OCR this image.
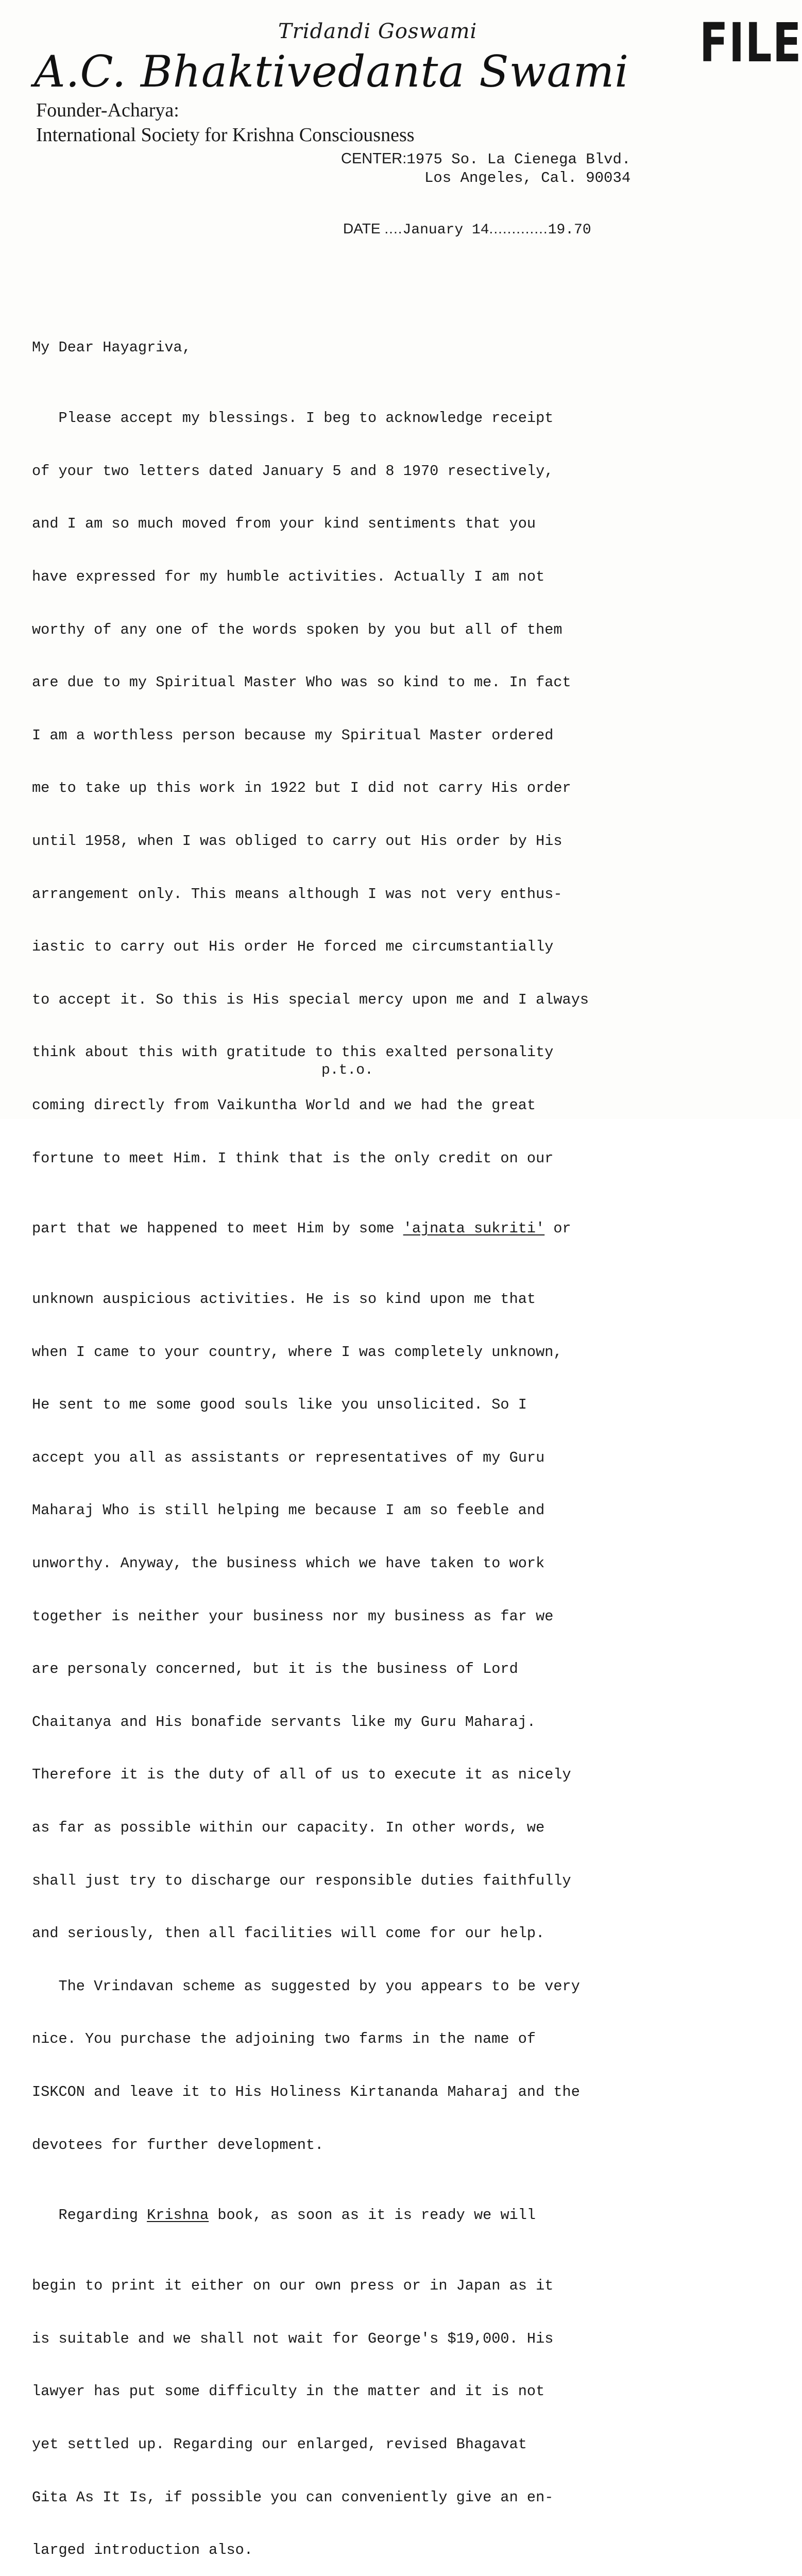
Tridandi Goswami
A.C. Bhaktivedanta Swami FILE
Founder-Acharya:
International Society for Krishna Consciousness
CENTER:1975 So. La Cienega Blvd.
Los Angeles, Cal. 90034
DATE ....January 14.............19.70

My Dear Hayagriva,

Please accept my blessings. I beg to acknowledge receipt

of your two letters dated January 5 and 8 1970 resectively,

and I am so much moved from your kind sentiments that you

have expressed for my humble activities. Actually I am not

worthy of any one of the words spoken by you but all of them

are due to my Spiritual Master Who was so kind to me. In fact

I am a worthless person because my Spiritual Master ordered

me to take up this work in 1922 but I did not carry His order

until 1958, when I was obliged to carry out His order by His

arrangement only. This means although I was not very enthus-

iastic to carry out His order He forced me circumstantially

to accept it. So this is His special mercy upon me and I always

think about this with gratitude to this exalted personality

coming directly from Vaikuntha World and we had the great

fortune to meet Him. I think that is the only credit on our

part that we happened to meet Him by some 'ajnata sukriti' or

unknown auspicious activities. He is so kind upon me that

when I came to your country, where I was completely unknown,

He sent to me some good souls like you unsolicited. So I

accept you all as assistants or representatives of my Guru

Maharaj Who is still helping me because I am so feeble and

unworthy. Anyway, the business which we have taken to work

together is neither your business nor my business as far we

are personaly concerned, but it is the business of Lord

Chaitanya and His bonafide servants like my Guru Maharaj.

Therefore it is the duty of all of us to execute it as nicely

as far as possible within our capacity. In other words, we

shall just try to discharge our responsible duties faithfully

and seriously, then all facilities will come for our help.

The Vrindavan scheme as suggested by you appears to be very

nice. You purchase the adjoining two farms in the name of

ISKCON and leave it to His Holiness Kirtananda Maharaj and the

devotees for further development.

Regarding Krishna book, as soon as it is ready we will

begin to print it either on our own press or in Japan as it

is suitable and we shall not wait for George's $19,000. His

lawyer has put some difficulty in the matter and it is not

yet settled up. Regarding our enlarged, revised Bhagavat

Gita As It Is, if possible you can conveniently give an en-

larged introduction also.

p.t.o.
